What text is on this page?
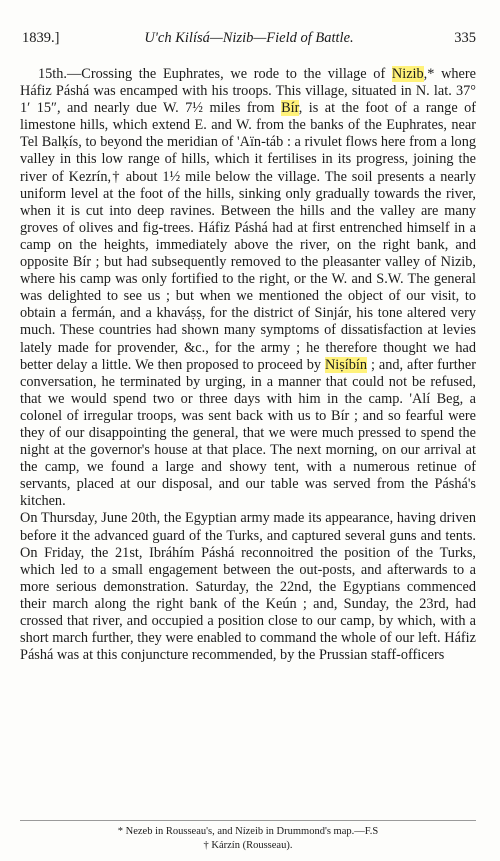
1839.]	U'ch Kilísá—Nizib—Field of Battle.	335

15th.—Crossing the Euphrates, we rode to the village of Nizib,* where Háfiz Páshá was encamped with his troops. This village, situated in N. lat. 37° 1′ 15″, and nearly due W. 7½ miles from Bír, is at the foot of a range of limestone hills, which extend E. and W. from the banks of the Euphrates, near Tel Balḳís, to beyond the meridian of 'Aïn-táb : a rivulet flows here from a long valley in this low range of hills, which it fertilises in its progress, joining the river of Kezrín,† about 1½ mile below the village. The soil presents a nearly uniform level at the foot of the hills, sinking only gradually towards the river, when it is cut into deep ravines. Between the hills and the valley are many groves of olives and fig-trees. Háfiz Páshá had at first entrenched himself in a camp on the heights, immediately above the river, on the right bank, and opposite Bír ; but had subsequently removed to the pleasanter valley of Nizib, where his camp was only fortified to the right, or the W. and S.W. The general was delighted to see us ; but when we mentioned the object of our visit, to obtain a fermán, and a khaváṣṣ, for the district of Sinjár, his tone altered very much. These countries had shown many symptoms of dissatisfaction at levies lately made for provender, &c., for the army ; he therefore thought we had better delay a little. We then proposed to proceed by Niṣíbín ; and, after further conversation, he terminated by urging, in a manner that could not be refused, that we would spend two or three days with him in the camp. 'Alí Beg, a colonel of irregular troops, was sent back with us to Bír ; and so fearful were they of our disappointing the general, that we were much pressed to spend the night at the governor's house at that place. The next morning, on our arrival at the camp, we found a large and showy tent, with a numerous retinue of servants, placed at our disposal, and our table was served from the Páshá's kitchen.

On Thursday, June 20th, the Egyptian army made its appearance, having driven before it the advanced guard of the Turks, and captured several guns and tents. On Friday, the 21st, Ibráhím Páshá reconnoitred the position of the Turks, which led to a small engagement between the out-posts, and afterwards to a more serious demonstration. Saturday, the 22nd, the Egyptians commenced their march along the right bank of the Keún ; and, Sunday, the 23rd, had crossed that river, and occupied a position close to our camp, by which, with a short march further, they were enabled to command the whole of our left. Háfiz Páshá was at this conjuncture recommended, by the Prussian staff-officers

* Nezeb in Rousseau's, and Nízeib in Drummond's map.—F.S
† Kárzín (Rousseau).
